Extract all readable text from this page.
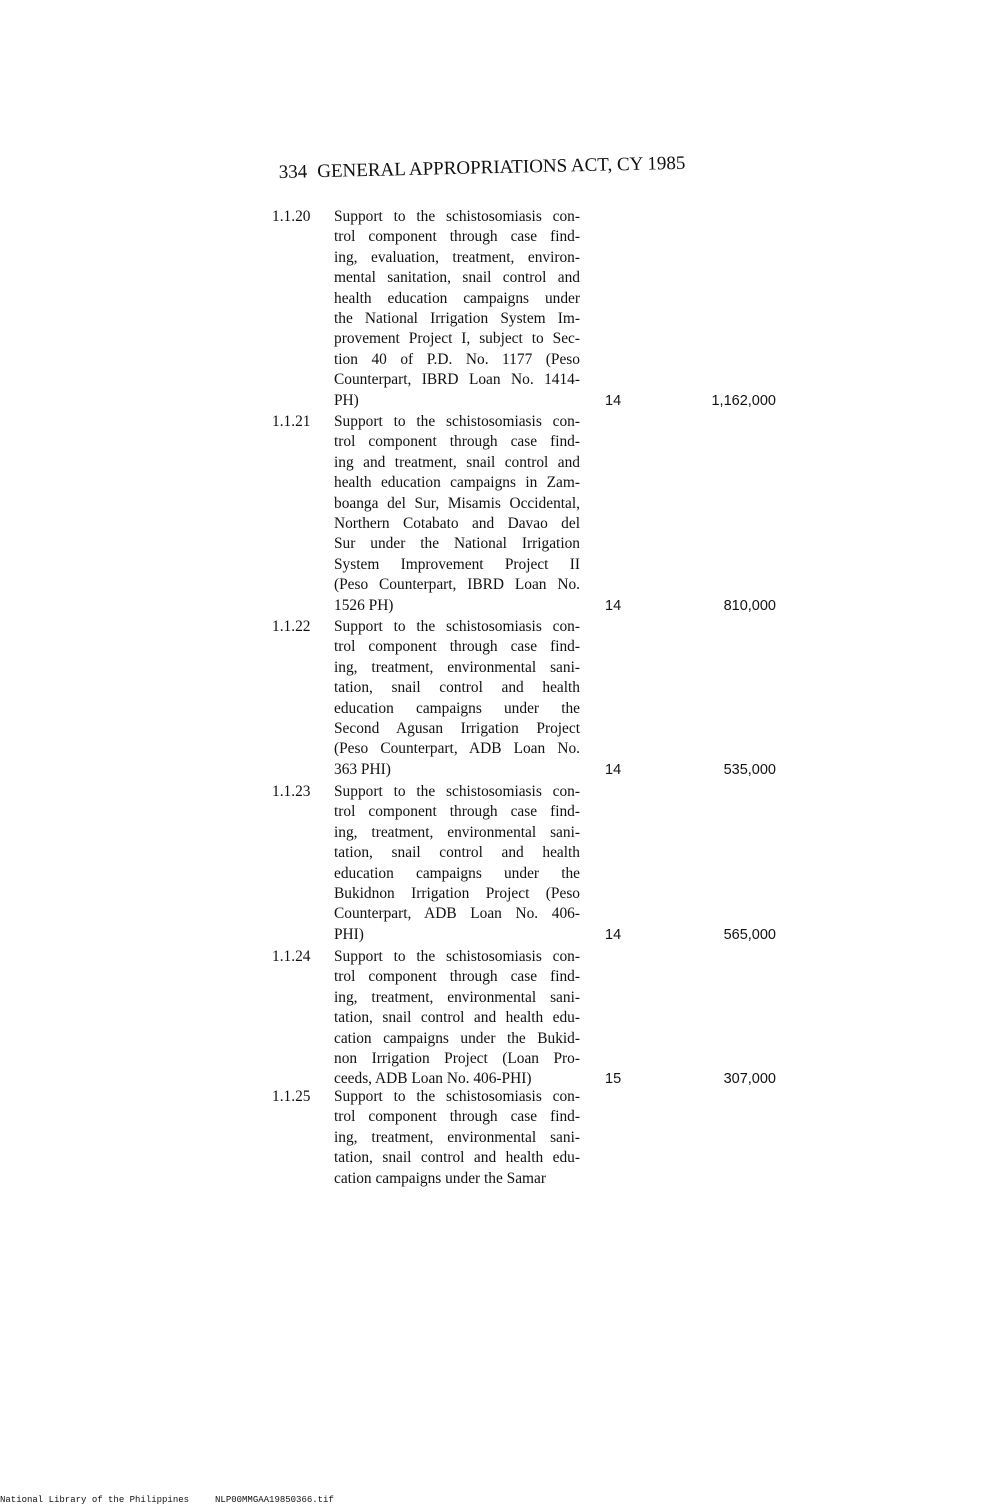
334 GENERAL APPROPRIATIONS ACT, CY 1985
1.1.20 Support to the schistosomiasis con-
trol component through case find-
ing, evaluation, treatment, environ-
mental sanitation, snail control and
health education campaigns under
the National Irrigation System Im-
provement Project I, subject to Sec-
tion 40 of P.D. No. 1177 (Peso
Counterpart, IBRD Loan No. 1414-
PH)	14	1,162,000
1.1.21 Support to the schistosomiasis con-
trol component through case find-
ing and treatment, snail control and
health education campaigns in Zam-
boanga del Sur, Misamis Occidental,
Northern Cotabato and Davao del
Sur under the National Irrigation
System Improvement Project II
(Peso Counterpart, IBRD Loan No.
1526 PH)	14	810,000
1.1.22 Support to the schistosomiasis con-
trol component through case find-
ing, treatment, environmental sani-
tation, snail control and health
education campaigns under the
Second Agusan Irrigation Project
(Peso Counterpart, ADB Loan No.
363 PHI)	14	535,000
1.1.23 Support to the schistosomiasis con-
trol component through case find-
ing, treatment, environmental sani-
tation, snail control and health
education campaigns under the
Bukidnon Irrigation Project (Peso
Counterpart, ADB Loan No. 406-
PHI)	14	565,000
1.1.24 Support to the schistosomiasis con-
trol component through case find-
ing, treatment, environmental sani-
tation, snail control and health edu-
cation campaigns under the Bukid-
non Irrigation Project (Loan Pro-
ceeds, ADB Loan No. 406-PHI)	15	307,000
1.1.25 Support to the schistosomiasis con-
trol component through case find-
ing, treatment, environmental sani-
tation, snail control and health edu-
cation campaigns under the Samar
National Library of the Philippines	NLP00MMGAA19850366.tif
